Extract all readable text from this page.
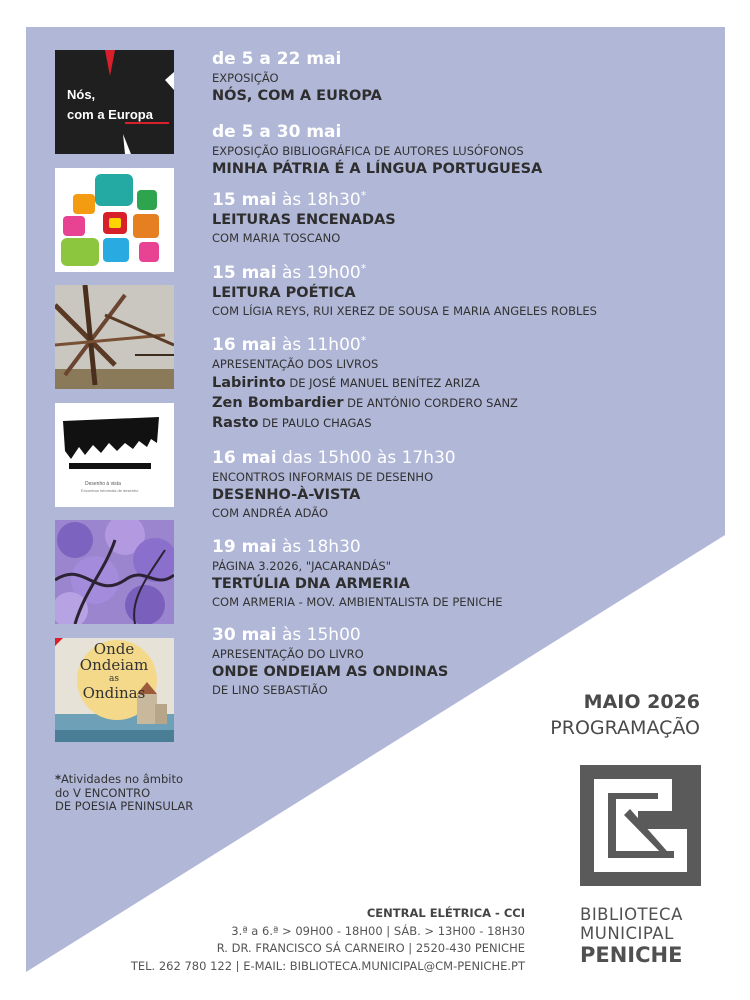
Nós,
com a Europa
Desenho à vista
Encontros informais de desenho
Onde
Ondeiam
as
Ondinas
de 5 a 22 mai
EXPOSIÇÃO
NÓS, COM A EUROPA
de 5 a 30 mai
EXPOSIÇÃO BIBLIOGRÁFICA DE AUTORES LUSÓFONOS
MINHA PÁTRIA É A LÍNGUA PORTUGUESA
15 mai às 18h30*
LEITURAS ENCENADAS
COM MARIA TOSCANO
15 mai às 19h00*
LEITURA POÉTICA
COM LÍGIA REYS, RUI XEREZ DE SOUSA E MARIA ANGELES ROBLES
16 mai às 11h00*
APRESENTAÇÃO DOS LIVROS
Labirinto DE JOSÉ MANUEL BENÍTEZ ARIZA
Zen Bombardier DE ANTÓNIO CORDERO SANZ
Rasto DE PAULO CHAGAS
16 mai das 15h00 às 17h30
ENCONTROS INFORMAIS DE DESENHO
DESENHO-À-VISTA
COM ANDRÉA ADÃO
19 mai às 18h30
PÁGINA 3.2026, "JACARANDÁS"
TERTÚLIA DNA ARMERIA
COM ARMERIA - MOV. AMBIENTALISTA DE PENICHE
30 mai às 15h00
APRESENTAÇÃO DO LIVRO
ONDE ONDEIAM AS ONDINAS
DE LINO SEBASTIÃO
MAIO 2026
PROGRAMAÇÃO
*Atividades no âmbito
do V ENCONTRO
DE POESIA PENINSULAR
BIBLIOTECA
MUNICIPAL
PENICHE
CENTRAL ELÉTRICA - CCI
3.ª a 6.ª > 09H00 - 18H00 | SÁB. > 13H00 - 18H30
R. DR. FRANCISCO SÁ CARNEIRO | 2520-430 PENICHE
TEL. 262 780 122 | E-MAIL: BIBLIOTECA.MUNICIPAL@CM-PENICHE.PT
